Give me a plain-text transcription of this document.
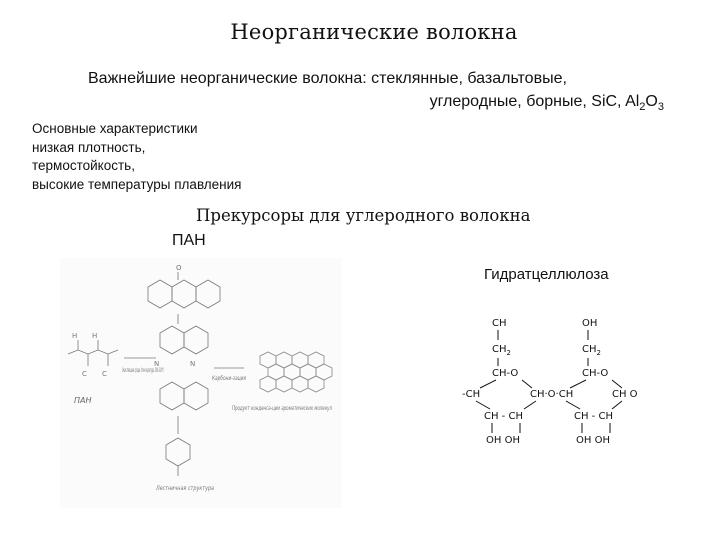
Неорганические волокна
Важнейшие неорганические волокна: стеклянные, базальтовые,
углеродные, борные, SiC, $Al_2O_3$
Основные характеристики
низкая плотность,
термостойкость,
высокие температуры плавления
Прекурсоры для углеродного волокна
ПАН
Гидратцеллюлоза
O
N	N
H H
C C
ПАН
Окисляющая среда (тем-пература 200–300°)
Карбони-зация
Продукт конденса-ции ароматических молекул
Лестничная структура
CH	OH
$CH_2$	$CH_2$
CH-O	CH-O
-CH	CH·O·CH	CH O
CH - CH	CH - CH
OH OH	OH OH
